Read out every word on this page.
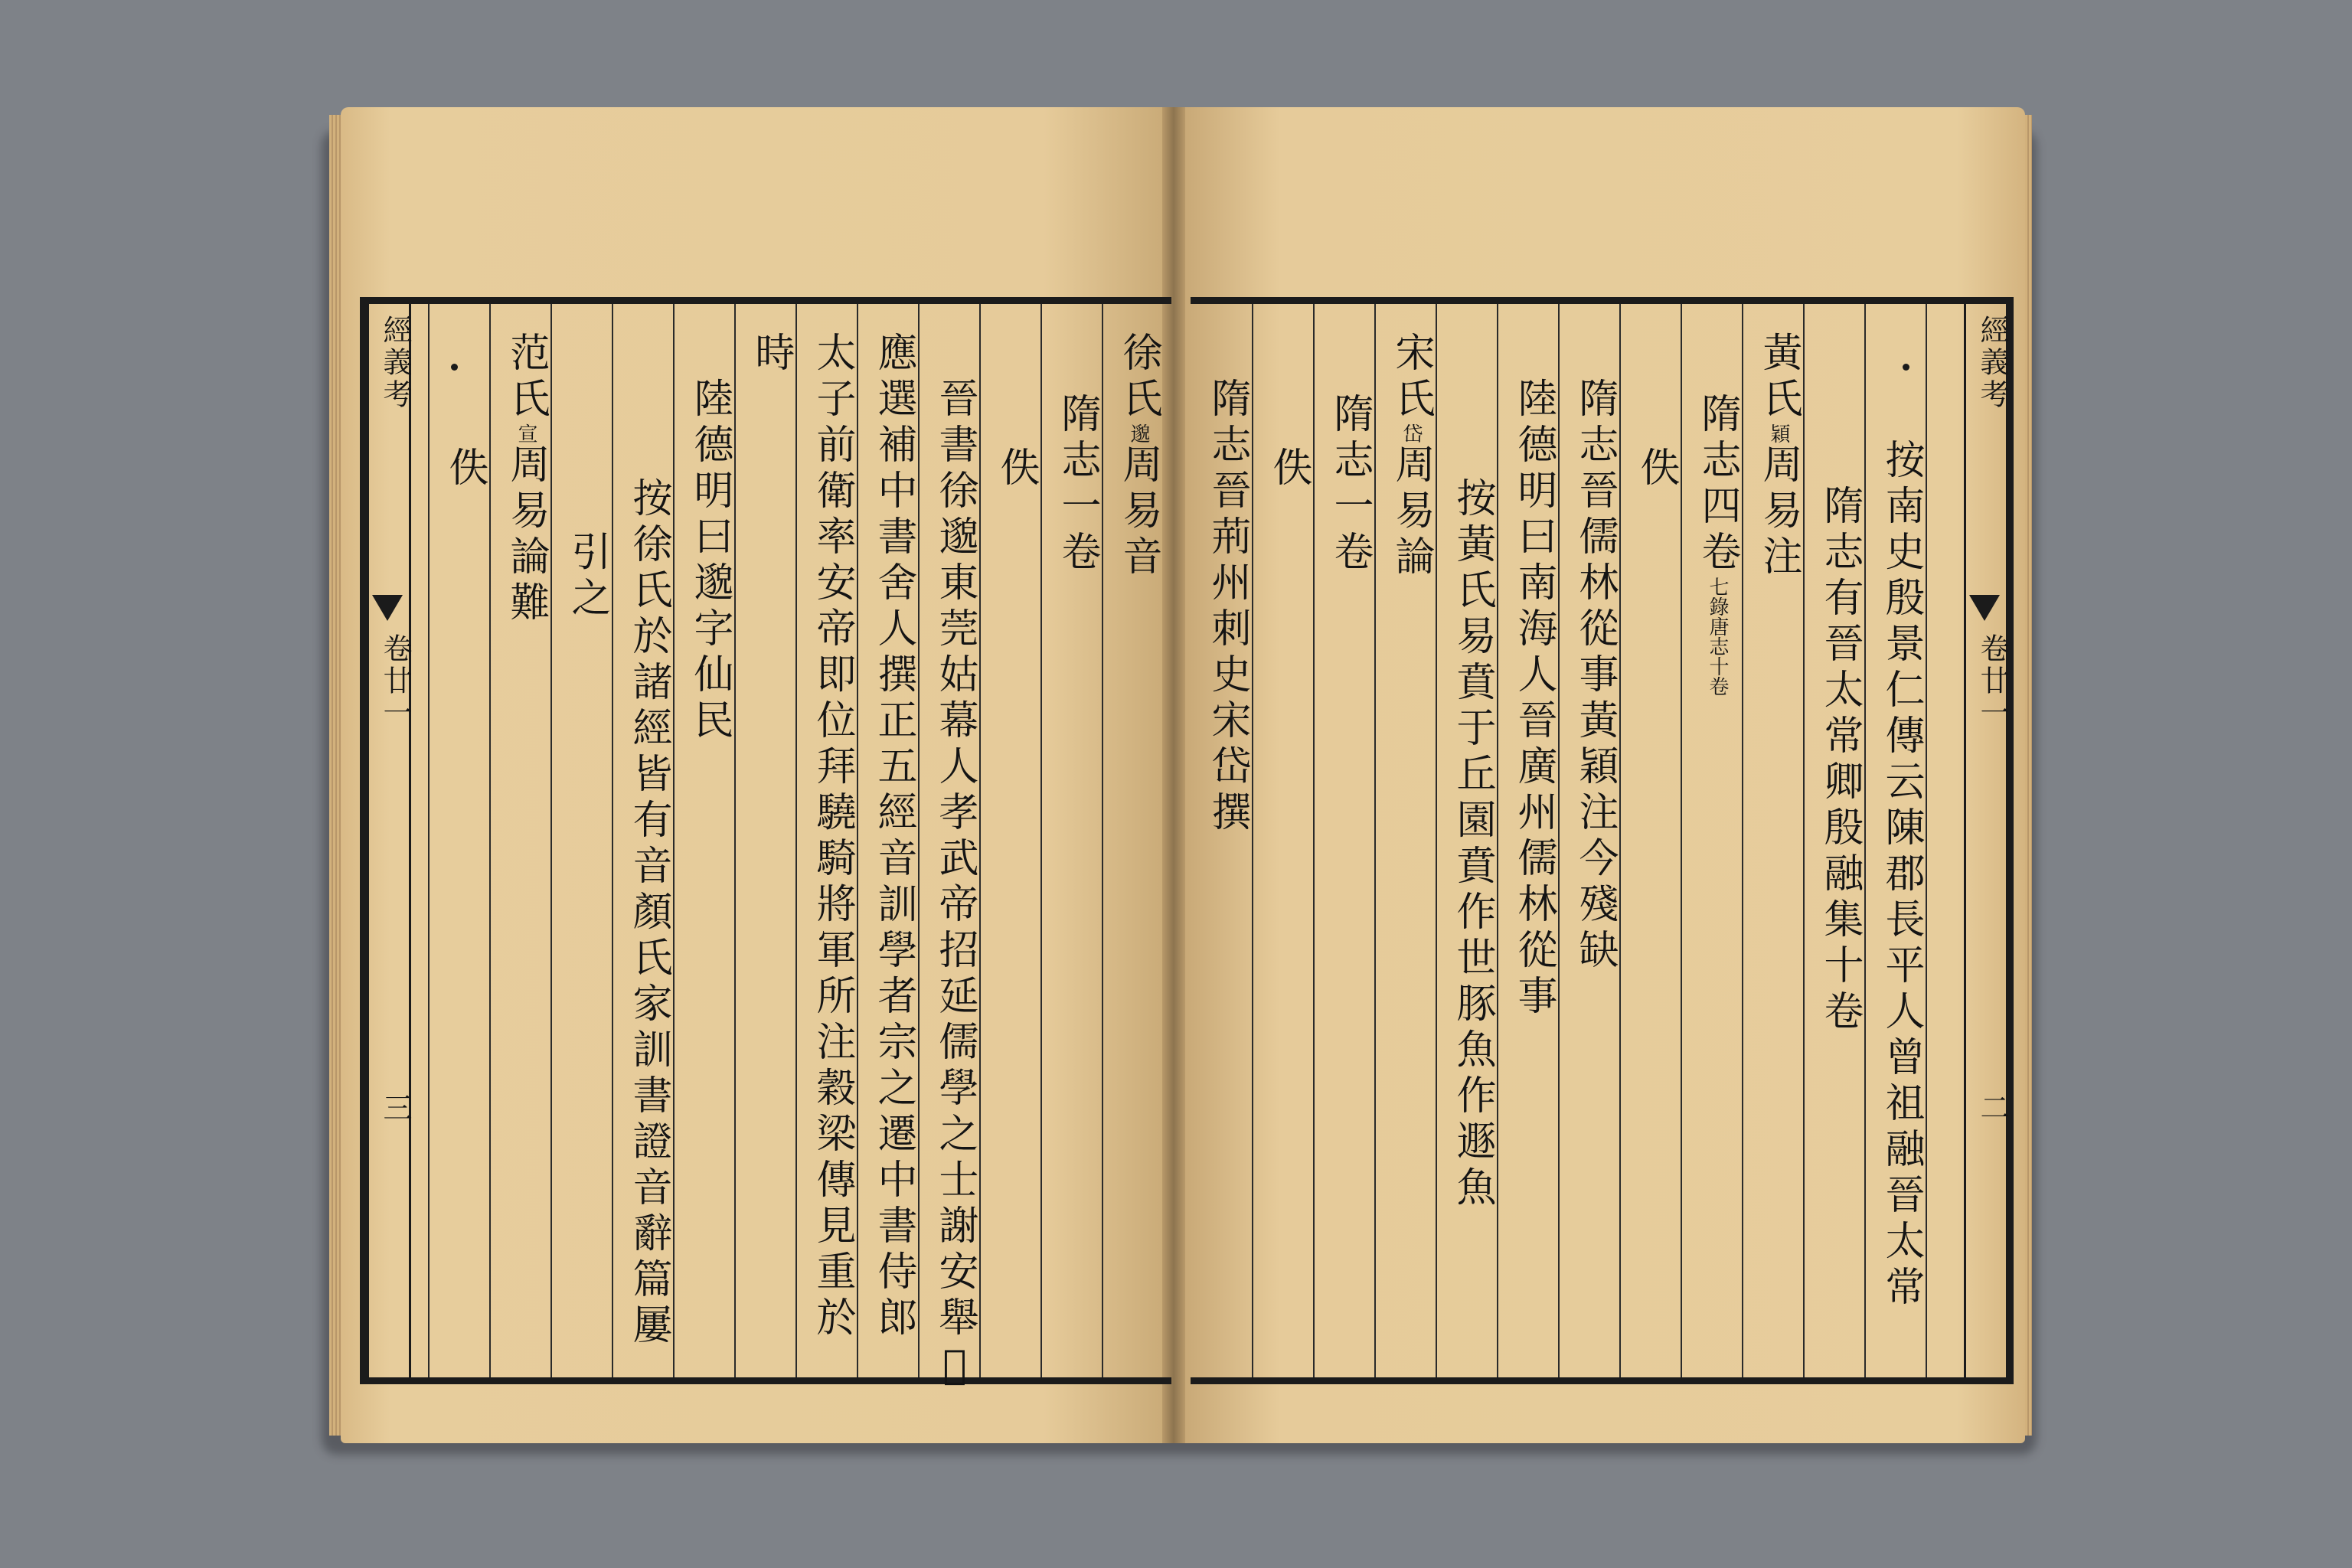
經義考
卷廿一
三
徐氏$^邈$周易音
隋志一卷
佚
晉書徐邈東莞姑幕人孝武帝招延儒學之士謝安舉𣲖
應選補中書舍人撰正五經音訓學者宗之遷中書侍郎
太子前衛率安帝即位拜驍騎將軍所注穀梁傳見重於
時
陸德明曰邈字仙民
按徐氏於諸經皆有音顏氏家訓書證音辭篇屢
引之
范氏$^宣$周易論難
佚
經義考
卷廿一
二
按南史殷景仁傳云陳郡長平人曾祖融晉太常
隋志有晉太常卿殷融集十卷
黃氏$^穎$周易注
隋志四卷$^{七錄唐志十卷}$
佚
隋志晉儒林從事黃穎注今殘缺
陸德明曰南海人晉廣州儒林從事
按黃氏易賁于丘園賁作世豚魚作遯魚
宋氏$^岱$周易論
隋志一卷
佚
隋志晉荊州刺史宋岱撰
